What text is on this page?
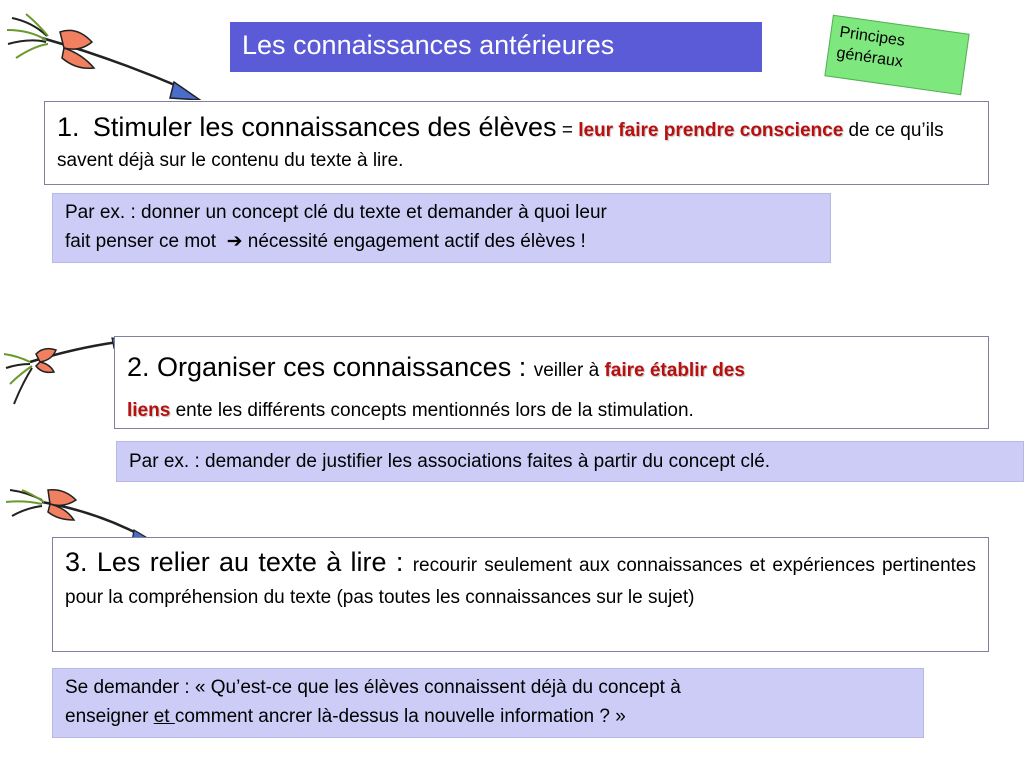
Les connaissances antérieures	Principes
généraux
1. Stimuler les connaissances des élèves = leur faire prendre conscience de ce qu’ils savent déjà sur le contenu du texte à lire.
Par ex. : donner un concept clé du texte et demander à quoi leur
fait penser ce mot  ➔ nécessité engagement actif des élèves !
2. Organiser ces connaissances : veiller à faire établir des
liens ente les différents concepts mentionnés lors de la stimulation.
Par ex. : demander de justifier les associations faites à partir du concept clé.
3. Les relier au texte à lire : recourir seulement aux connaissances et expériences pertinentes pour la compréhension du texte (pas toutes les connaissances sur le sujet)
Se demander : « Qu’est-ce que les élèves connaissent déjà du concept à
enseigner et comment ancrer là-dessus la nouvelle information ? »
